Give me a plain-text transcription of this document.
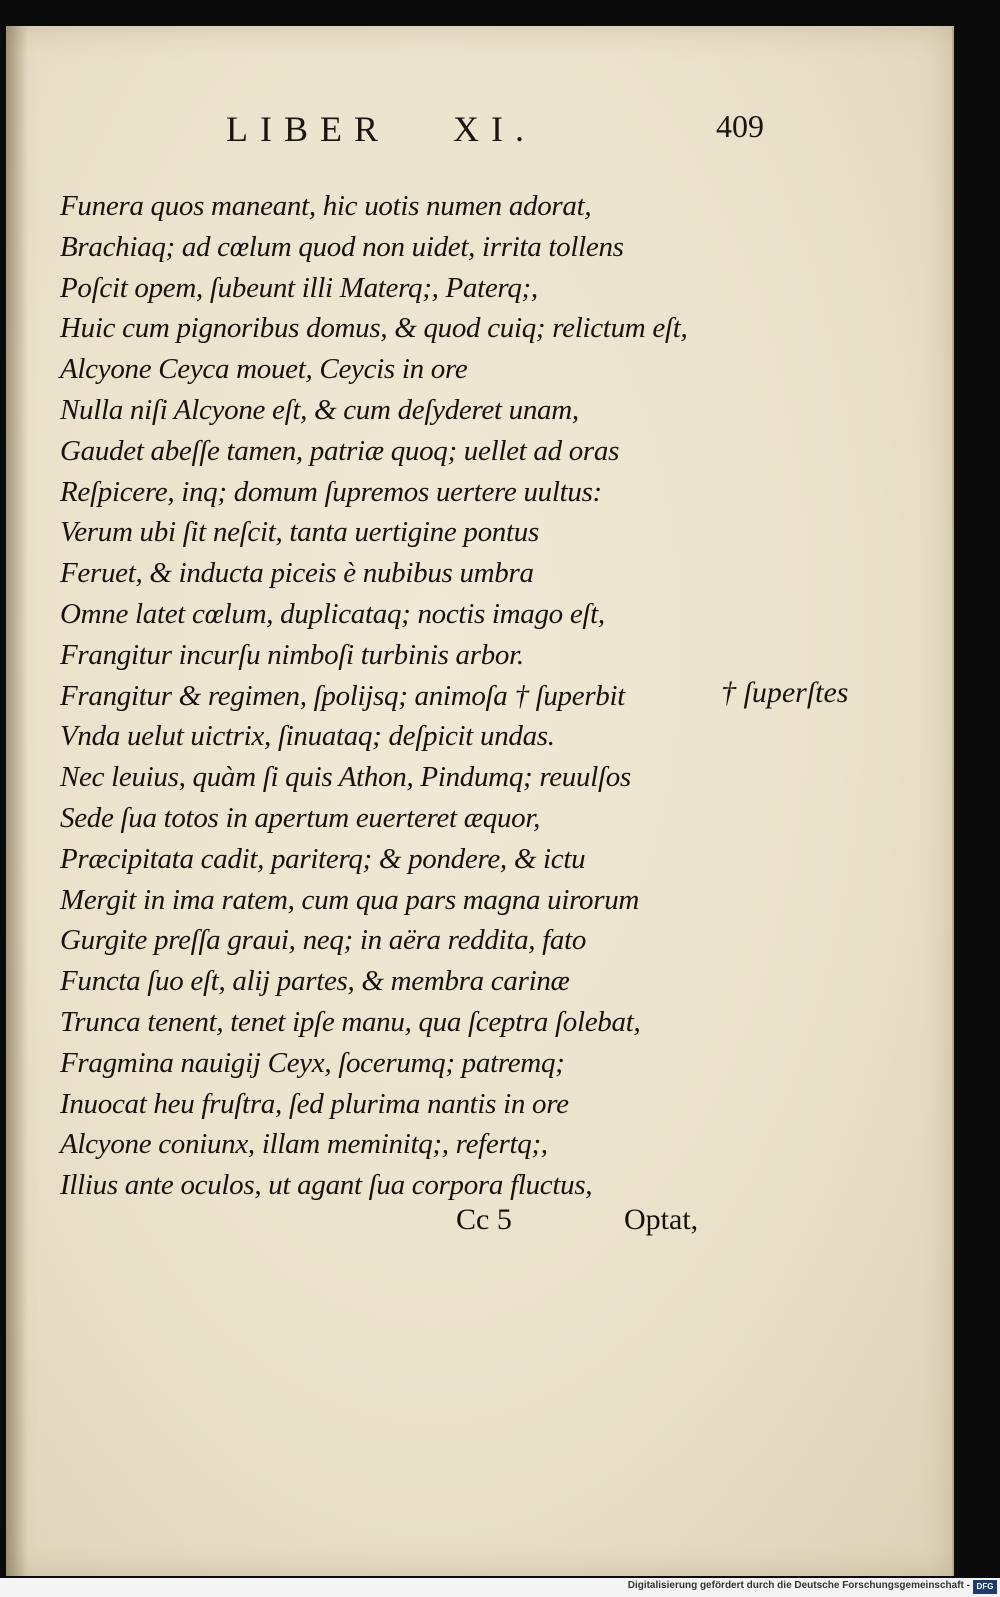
LIBER   XI.	409
Funera quos maneant, hic uotis numen adorat,
Brachiaq; ad cœlum quod non uidet, irrita tollens
Poſcit opem, ſubeunt illi Materq;, Paterq;,
Huic cum pignoribus domus, & quod cuiq; relictum eſt,
Alcyone Ceyca mouet, Ceycis in ore
Nulla niſi Alcyone eſt, & cum deſyderet unam,
Gaudet abeſſe tamen, patriæ quoq; uellet ad oras
Reſpicere, inq; domum ſupremos uertere uultus:
Verum ubi ſit neſcit, tanta uertigine pontus
Feruet, & inducta piceis è nubibus umbra
Omne latet cœlum, duplicataq; noctis imago eſt,
Frangitur incurſu nimboſi turbinis arbor.
Frangitur & regimen, ſpolijsq; animoſa † ſuperbit
Vnda uelut uictrix, ſinuataq; deſpicit undas.
Nec leuius, quàm ſi quis Athon, Pindumq; reuulſos
Sede ſua totos in apertum euerteret æquor,
Præcipitata cadit, pariterq; & pondere, & ictu
Mergit in ima ratem, cum qua pars magna uirorum
Gurgite preſſa graui, neq; in aëra reddita, fato
Functa ſuo eſt, alij partes, & membra carinæ
Trunca tenent, tenet ipſe manu, qua ſceptra ſolebat,
Fragmina nauigij Ceyx, ſocerumq; patremq;
Inuocat heu fruſtra, ſed plurima nantis in ore
Alcyone coniunx, illam meminitq;, refertq;,
Illius ante oculos, ut agant ſua corpora fluctus,
† ſuperſtes
Cc 5	Optat,
Digitalisierung gefördert durch die Deutsche Forschungsgemeinschaft - DFG
